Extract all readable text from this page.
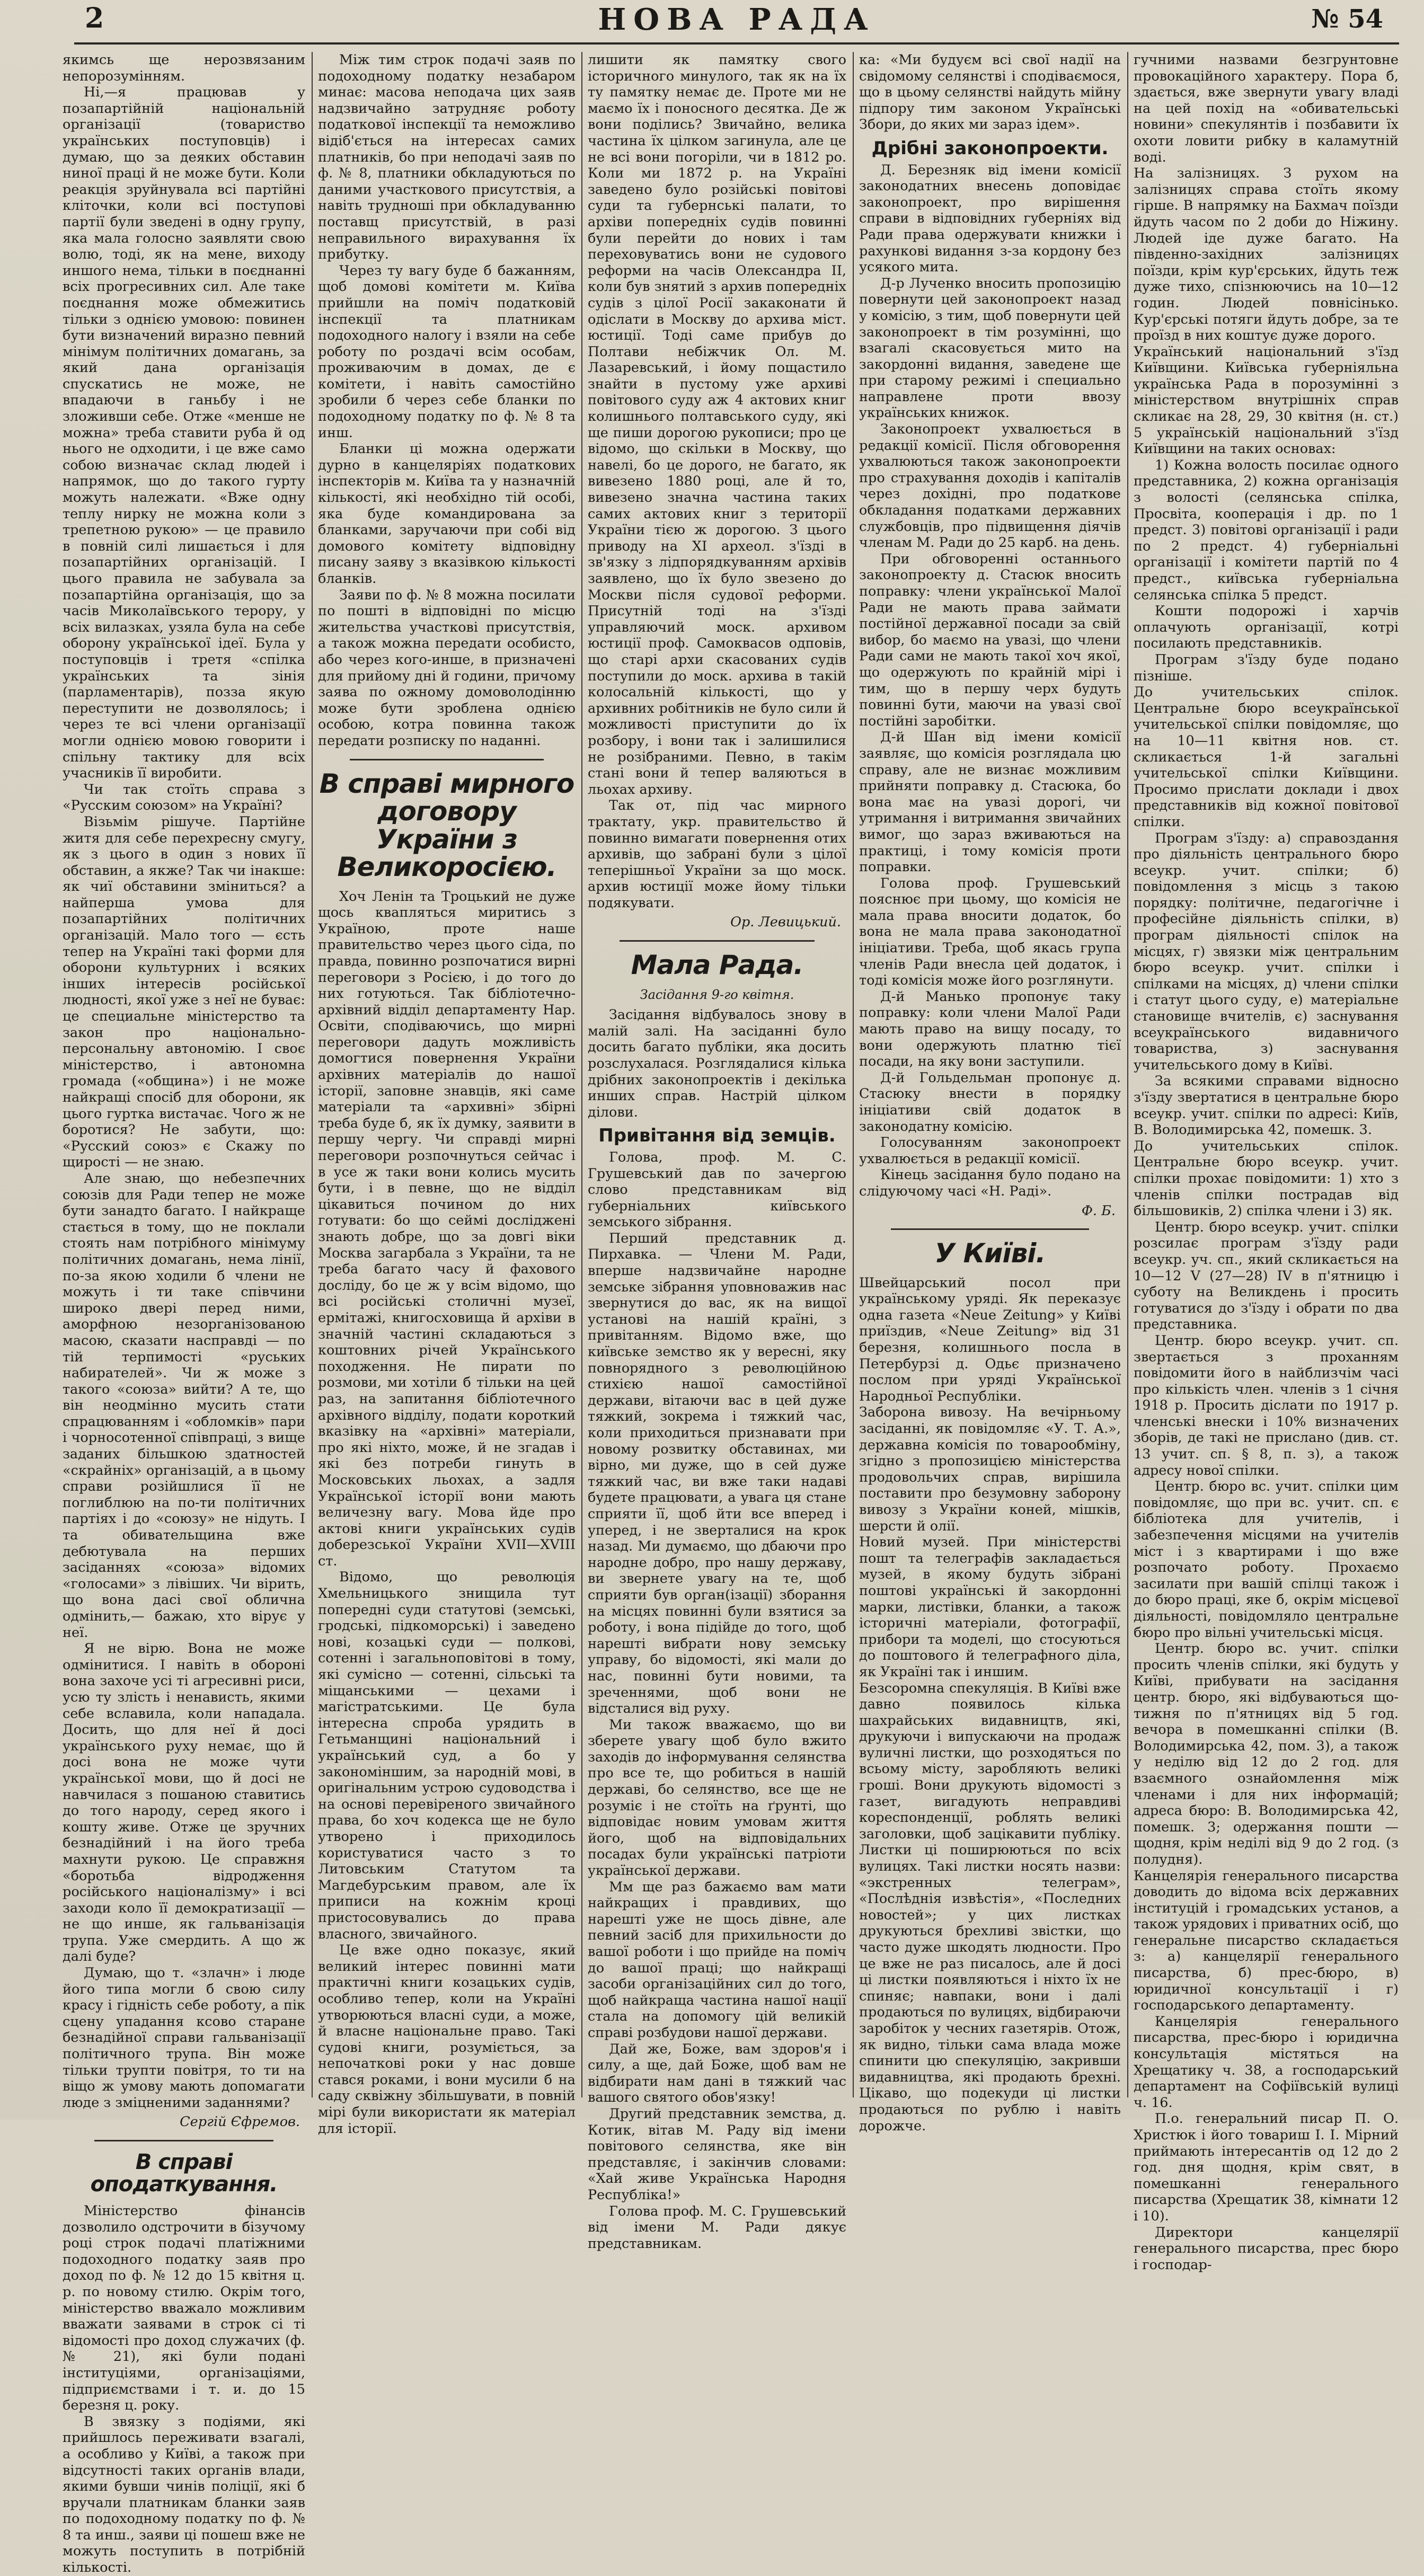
2	НОВА РАДА	№ 54

якимсь ще нерозвязаним непорозумінням.

Ні,—я працював у позапартійній національній організації (товариство українських поступовців) і думаю, що за деяких обставин ниної праці й не може бути. Коли реакція зруйнувала всі партійні кліточки, коли всі поступові партії були зведені в одну групу, яка мала голосно заявляти свою волю, тоді, як на мене, виходу иншого нема, тільки в поєднанні всіх прогресивних сил. Але таке поєднання може обмежитись тільки з однією умовою: повинен бути визначений виразно певний мінімум політичних домагань, за який дана організація спускатись не може, не впадаючи в ганьбу і не зложивши себе. Отже «менше не можна» треба ставити руба й од нього не одходити, і це вже само собою визначає склад людей і напрямок, що до такого гурту можуть належати. «Вже одну теплу нирку не можна коли з трепетною рукою» — це правило в повній силі лишається і для позапартійних організацій. І цього правила не забувала за позапартійна організація, що за часів Миколаївського терору, у всіх вилазках, узяла була на себе оборону української ідеї. Була у поступовців і третя «спілка українських та зінія (парламентарів), позза якую переступити не дозволялось; і через те всі члени організації могли однією мовою говорити і спільну тактику для всіх учасників її виробити.

Чи так стоїть справа з «Русским союзом» на Україні?

Візьмім рішуче. Партійне житя для себе перехресну смугу, як з цього в один з нових її обставин, а якже? Так чи інакше: як чиї обставини зміниться? а найперша умова для позапартійних політичних організацій. Мало того — єсть тепер на Україні такі форми для оборони культурних і всяких інших інтересів російської людності, якої уже з неї не буває: це специальне міністерство та закон про національно-персональну автономію. І своє міністерство, і автономна громада («община») і не може найкращі спосіб для оборони, як цього гуртка вистачає. Чого ж не боротися? Не забути, що: «Русский союз» є Скажу по щирості — не знаю.

Але знаю, що небезпечних союзів для Ради тепер не може бути занадто багато. І найкраще стається в тому, що не поклали стоять нам потрібного мінімуму політичних домагань, нема лінії, по-за якою ходили б члени не можуть і ти таке співчини широко двері перед ними, аморфною незорганізованою масою, сказати насправді — по тій терпимості «руських набирателей». Чи ж може з такого «союза» вийти? А те, що він неодмінно мусить стати спрацюванням і «обломків» пари і чорносотенної співпраці, з вище заданих більшкою здатностей «скрайніх» організацій, а в цьому справи розійшлися її не поглиблюю на по-ти політичних партіях і до «союзу» не нідуть. І та обивательщина вже дебютувала на перших засіданнях «союза» відомих «голосами» з лівіших. Чи вірить, що вона дасі свої облична одмінить,— бажаю, хто вірує у неї.

Я не вірю. Вона не може одмінитися. І навіть в обороні вона захоче усі ті агресивні риси, усю ту злість і ненависть, якими себе вславила, коли нападала. Досить, що для неї й досі українського руху немає, що й досі вона не може чути української мови, що й досі не навчилася з пошаною ставитись до того народу, серед якого і кошту живе. Отже це зручних безнадійний і на його треба махнути рукою. Це справжня «боротьба відродження російського націоналізму» і всі заходи коло її демократизації — не що инше, як гальванізація трупа. Уже смердить. А що ж далі буде?

Думаю, що т. «злачн» і люде його типа могли б свою силу красу і гідність себе роботу, а пік сцену упадання ксово старане безнадійної справи гальванізації політичного трупа. Він може тільки трупти повітря, то ти на віщо ж умову мають допомагати люде з зміцненими заданнями?

Сергій Єфремов.
В справі оподаткування.

Міністерство фінансів дозволило одстрочити в бізучому році строк подачі платіжними подоходного податку заяв про доход по ф. № 12 до 15 квітня ц. р. по новому стилю. Окрім того, міністерство вважало можливим вважати заявами в строк сі ті відомості про доход служачих (ф. № 21), які були подані інституціями, організаціями, підприємствами і т. и. до 15 березня ц. року.

В звязку з подіями, які прийшлось переживати взагалі, а особливо у Київі, а також при відсутності таких органів влади, якими бувши чинів поліції, які б вручали платникам бланки заяв по подоходному податку по ф. № 8 та инш., заяви ці пошеш вже не можуть поступить в потрібній кількості.

Між тим строк подачі заяв по подоходному податку незабаром минає: масова неподача цих заяв надзвичайно затрудняє роботу податкової інспекції та неможливо відіб'ється на інтересах самих платників, бо при неподачі заяв по ф. № 8, платники обкладуються по даними участкового присутствія, а навіть трудноші при обкладуванню поставщ присутствій, в разі неправильного вирахування їх прибутку.

Через ту вагу буде б бажанням, щоб домові комітети м. Київа прийшли на поміч податковій інспекції та платникам подоходного налогу і взяли на себе роботу по роздачі всім особам, проживаючим в домах, де є комітети, і навіть самостійно зробили б через себе бланки по подоходному податку по ф. № 8 та инш.

Бланки ці можна одержати дурно в канцеляріях податкових інспекторів м. Київа та у назначній кількості, які необхідно тій особі, яка буде командирована за бланками, заручаючи при собі від домового комітету відповідну писану заяву з вказівкою кількості бланків.

Заяви по ф. № 8 можна посилати по пошті в відповідні по місцю жительства участкові присутствія, а також можна передати особисто, або через кого-инше, в призначені для прийому дні й години, причому заява по ожному домоволодінню може бути зроблена однією особою, котра повинна також передати розписку по наданні.

В справі мирного договору України з Великоросією.

Хоч Ленін та Троцький не дуже щось квапляться миритись з Україною, проте наше правительство через цього сіда, по правда, повинно розпочатися вирні переговори з Росією, і до того до них готуються. Так бібліотечно-архівний відділ департаменту Нар. Освіти, сподіваючись, що мирні переговори дадуть можливість домогтися повернення України архівних матеріалів до нашої історії, заповне знавців, які саме матеріали та «архивні» збірні треба буде б, як їх думку, заявити в першу чергу. Чи справді мирні переговори розпочнуться сейчас і в усе ж таки вони колись мусить бути, і в певне, що не відділ цікавиться почином до них готувати: бо що сеймі досліджені знають добре, що за довгі віки Москва загарбала з України, та не треба багато часу й фахового досліду, бо це ж у всім відомо, що всі російські столичні музеї, ермітажі, книгосховища й архіви в значній частині складаються з коштовних річей Українського походження. Не пирати по розмови, ми хотіли б тільки на цей раз, на запитання бібліотечного архівного відділу, подати короткий вказівку на «архівні» матеріали, про які ніхто, може, й не згадав і які без потреби гинуть в Московських льохах, а задля Української історії вони мають величезну вагу. Мова йде про актові книги українських судів доберезської України XVII—XVIII ст.

Відомо, що революція Хмельницького знищила тут попередні суди статутові (земські, гродські, підкоморські) і заведено нові, козацькі суди — полкові, сотенні і загальноповітові в тому, які сумісно — сотенні, сільські та міщанськими — цехами і магістратськими. Це була інтересна спроба урядить в Гетьманщині національний і український суд, а бо у закономіншим, за народній мові, в оригінальним устрою судоводства і на основі перевіреного звичайного права, бо хоч кодекса ще не було утворено і приходилось користуватися часто з то Литовським Статутом та Магдебурським правом, але їх приписи на кожнім кроці пристосовувались до права власного, звичайного.

Це вже одно показує, який великий інтерес повинні мати практичні книги козацьких судів, особливо тепер, коли на Україні утворюються власні суди, а може, й власне національне право. Такі судові книги, розуміється, за непочаткові роки у нас довше стався роками, і вони мусили б на саду сквіжну збільшувати, в повній мірі були використати як матеріал для історії.

лишити як памятку свого історичного минулого, так як на їх ту памятку немає де. Проте ми не маємо їх і поносного десятка. Де ж вони поділись? Звичайно, велика частина їх цілком загинула, але це не всі вони погоріли, чи в 1812 ро. Коли ми 1872 р. на Україні заведено було розійські повітові суди та губернські палати, то архіви попередніх судів повинні були перейти до нових і там переховуватись вони не судового реформи на часів Олександра II, коли був знятий з архив попередніх судів з цілої Росії закаконати й одіслати в Москву до архива міст. юстиції. Тоді саме прибув до Полтави небіжчик Ол. М. Лазаревський, і йому пощастило знайти в пустому уже архиві повітового суду аж 4 актових книг колишнього полтавського суду, які ще пиши дорогою рукописи; про це відомо, що скільки в Москву, що навелі, бо це дорого, не багато, як вивезено 1880 році, але й то, вивезено значна частина таких самих актових книг з території України тією ж дорогою. З цього приводу на ХІ археол. з'їзді в зв'язку з лідпорядкуванням архівів заявлено, що їх було звезено до Москви після судової реформи. Присутній тоді на з'їзді управляючий моск. архивом юстиції проф. Самоквасов одповів, що старі архи скасованих судів поступили до моск. архива в такій колосальній кількості, що у архивних робітників не було сили й можливості приступити до їх розбору, і вони так і залишилися не розібраними. Певно, в такім стані вони й тепер валяються в льохах архиву.

Так от, під час мирного трактату, укр. правительство й повинно вимагати повернення отих архивів, що забрані були з цілої теперішньої України за що моск. архив юстиції може йому тільки подякувати.

Ор. Левицький.
Мала Рада.
Засідання 9-го квітня.

Засідання відбувалось знову в малій залі. На засіданні було досить багато публіки, яка досить розслухалася. Розглядалися кілька дрібних законопроектів і декілька инших справ. Настрій цілком ділови.

Привітання від земців.

Голова, проф. М. С. Грушевський дав по зачергою слово представникам від губерніальних київського земського зібрання.

Перший представник д. Пирхавка. — Члени М. Ради, вперше надзвичайне народне земське зібрання уповноважив нас звернутися до вас, як на вищої установі на нашій країні, з привітанням. Відомо вже, що київське земство як у вересні, яку повнорядного з революційною стихією нашої самостійної держави, вітаючи вас в цей дуже тяжкий, зокрема і тяжкий час, коли приходиться признавати при новому розвитку обставинах, ми вірно, ми дуже, що в сей дуже тяжкий час, ви вже таки надаві будете працювати, а увага ця стане сприяти її, щоб йти все вперед і уперед, і не зверталися на крок назад. Ми думаємо, що дбаючи про народне добро, про нашу державу, ви звернете увагу на те, щоб сприяти був орган(ізації) зборання на місцях повинні були взятися за роботу, і вона підійде до того, щоб нарешті вибрати нову земську управу, бо відомості, які мали до нас, повинні бути новими, та зреченнями, щоб вони не відсталися від руху.

Ми також вважаємо, що ви зберете увагу щоб було вжито заходів до інформування селянства про все те, що робиться в нашій державі, бо селянство, все ще не розуміє і не стоїть на ґрунті, що відповідає новим умовам життя його, щоб на відповідальних посадах були українські патріоти української держави.

Мм ще раз бажаємо вам мати найкращих і правдивих, що нарешті уже не щось дівне, але певний засіб для прихильности до вашої роботи і що прийде на поміч до вашої праці; що найкращі засоби організаційних сил до того, щоб найкраща частина нашої нації стала на допомогу цій великій справі розбудови нашої держави.

Дай же, Боже, вам здоров'я і силу, а ще, дай Боже, щоб вам не відбирати нам дані в тяжкий час вашого святого обов'язку!

Другий представник земства, д. Котик, вітав М. Раду від імени повітового селянства, яке він представляє, і закінчив словами: «Хай живе Українська Народня Республіка!»

Голова проф. М. С. Грушевський від імени М. Ради дякує представникам.

ка: «Ми будуєм всі свої надії на свідомому селянстві і сподіваємося, що в цьому селянстві найдуть мійну підпору тим законом Українські Збори, до яких ми зараз ідем».

Дрібні законопроекти.

Д. Березняк від імени комісії законодатних внесень доповідає законопроект, про вирішення справи в відповідних губерніях від Ради права одержувати книжки і рахункові видання з-за кордону без усякого мита.

Д-р Лученко вносить пропозицію повернути цей законопроект назад у комісію, з тим, щоб повернути цей законопроект в тім розумінні, що взагалі скасовується мито на закордонні видання, заведене ще при старому режимі і специально направлене проти ввозу українських книжок.

Законопроект ухвалюється в редакції комісії. Після обговорення ухвалюються також законопроекти про страхування доходів і капіталів через дохідні, про податкове обкладання податками державних службовців, про підвищення діячів членам М. Ради до 25 карб. на день.

При обговоренні останнього законопроекту д. Стасюк вносить поправку: члени української Малої Ради не мають права займати постійної державної посади за свій вибор, бо маємо на увазі, що члени Ради сами не мають такої хоч якої, що одержують по крайній мірі і тим, що в першу черх будуть повинні бути, маючи на увазі свої постійні заробітки.

Д-й Шан від імени комісії заявляє, що комісія розглядала цю справу, але не визнає можливим прийняти поправку д. Стасюка, бо вона має на увазі дорогі, чи утримання і витримання звичайних вимог, що зараз вживаються на практиці, і тому комісія проти поправки.

Голова проф. Грушевський пояснює при цьому, що комісія не мала права вносити додаток, бо вона не мала права законодатної ініціативи. Треба, щоб якась група членів Ради внесла цей додаток, і тоді комісія може його розглянути.

Д-й Манько пропонує таку поправку: коли члени Малої Ради мають право на вищу посаду, то вони одержують платню тієї посади, на яку вони заступили.

Д-й Гольдельман пропонує д. Стасюку внести в порядку ініціативи свій додаток в законодатну комісію.

Голосуванням законопроект ухвалюється в редакції комісії.

Кінець засідання було подано на слідуючому часі «Н. Раді».

Ф. Б.
У Київі.

Швейцарський посол при українському уряді. Як переказує одна газета «Neue Zeitung» у Київі приїздив, «Neue Zeitung» від 31 березня, колишнього посла в Петербурзі д. Одьє призначено послом при уряді Української Народньої Республіки.

Заборона вивозу. На вечірньому засіданні, як повідомляє «У. Т. А.», державна комісія по товарообміну, згідно з пропозицією міністерства продовольчих справ, вирішила поставити про безумовну заборону вивозу з України коней, мішків, шерсти й олії.

Новий музей. При міністерстві пошт та телеграфів закладається музей, в якому будуть зібрані поштові українські й закордонні марки, листівки, бланки, а також історичні матеріали, фотографії, прибори та моделі, що стосуються до поштового й телеграфного діла, як Україні так і иншим.

Безсоромна спекуляція. В Київі вже давно появилось кілька шахрайських видавництв, які, друкуючи і випускаючи на продаж вуличні листки, що розходяться по всьому місту, заробляють великі гроші. Вони друкують відомості з газет, вигадують неправдиві кореспонденції, роблять великі заголовки, щоб зацікавити публіку. Листки ці поширюються по всіх вулицях. Такі листки носять назви: «экстренных телеграм», «Послѣднія извѣстія», «Последних новостей»; у цих листках друкуються брехливі звістки, що часто дуже шкодять людности. Про це вже не раз писалось, але й досі ці листки появляються і ніхто їх не спиняє; навпаки, вони і далі продаються по вулицях, відбираючи заробіток у чесних газетярів. Отож, як видно, тільки сама влада може спинити цю спекуляцію, закривши видавництва, які продають брехні. Цікаво, що подекуди ці листки продаються по рублю і навіть дорожче.

гучними назвами безгрунтовне провокаційного характеру. Пора б, здається, вже звернути увагу владі на цей похід на «обивательські новини» спекулянтів і позбавити їх охоти ловити рибку в каламутній воді.

На залізницях. З рухом на залізницях справа стоїть якому гірше. В напрямку на Бахмач поїзди йдуть часом по 2 доби до Ніжину. Людей іде дуже багато. На південно-західних залізницях поїзди, крім кур'єрських, йдуть теж дуже тихо, спізнюючись на 10—12 годин. Людей повнісінько. Кур'єрські потяги йдуть добре, за те проїзд в них коштує дуже дорого.

Український національний з'їзд Київщини. Київська губерніяльна українська Рада в порозумінні з міністерством внутрішніх справ скликає на 28, 29, 30 квітня (н. ст.) 5 українській національний з'їзд Київщини на таких основах:

1) Кожна волость посилає одного представника, 2) кожна організація з волості (селянська спілка, Просвіта, кооперація і др. по 1 предст. 3) повітові організації і ради по 2 предст. 4) губерніальні організації і комітети партій по 4 предст., київська губерніальна селянська спілка 5 предст.

Кошти подорожі і харчів оплачують організації, котрі посилають представників.

Програм з'їзду буде подано пізніше.

До учительських спілок. Центральне бюро всеукраїнської учительської спілки повідомляє, що на 10—11 квітня нов. ст. скликається 1-й загальні учительської спілки Київщини. Просимо прислати доклади і двох представників від кожної повітової спілки.

Програм з'їзду: а) справоздання про діяльність центрального бюро всеукр. учит. спілки; б) повідомлення з місць з такою порядку: політичне, педагогічне і професійне діяльність спілки, в) програм діяльності спілок на місцях, г) звязки між центральним бюро всеукр. учит. спілки і спілками на місцях, д) члени спілки і статут цього суду, е) матеріальне становище вчителів, є) заснування всеукраїнського видавничого товариства, з) заснування учительського дому в Київі.

За всякими справами відносно з'їзду звертатися в центральне бюро всеукр. учит. спілки по адресі: Київ, В. Володимирська 42, помешк. 3.

До учительських спілок. Центральне бюро всеукр. учит. спілки прохає повідомити: 1) хто з членів спілки пострадав від більшовиків, 2) спілка члени і 3) як.

Центр. бюро всеукр. учит. спілки розсилає програм з'їзду ради всеукр. уч. сп., який скликається на 10—12 V (27—28) IV в п'ятницю і суботу на Великдень і просить готуватися до з'їзду і обрати по два представника.

Центр. бюро всеукр. учит. сп. звертається з проханням повідомити його в найблизчім часі про кількість член. членів з 1 січня 1918 р. Просить діслати по 1917 р. членські внески і 10% визначених зборів, де такі не прислано (див. ст. 13 учит. сп. § 8, п. з), а також адресу нової спілки.

Центр. бюро вс. учит. спілки цим повідомляє, що при вс. учит. сп. є бібліотека для учителів, і забезпечення місцями на учителів міст і з квартирами і що вже розпочато роботу. Прохаємо засилати при вашій спілці також і до бюро праці, яке б, окрім місцевої діяльності, повідомляло центральне бюро про вільні учительські місця.

Центр. бюро вс. учит. спілки просить членів спілки, які будуть у Київі, прибувати на засідання центр. бюро, які відбуваються що-тижня по п'ятницях від 5 год. вечора в помешканні спілки (В. Володимирська 42, пом. 3), а також у неділю від 12 до 2 год. для взаємного ознайомлення між членами і для них інформацій; адреса бюро: В. Володимирська 42, помешк. 3; одержання пошти — щодня, крім неділі від 9 до 2 год. (з полудня).

Канцелярія генерального писарства доводить до відома всіх державних інституцій і громадських установ, а також урядових і приватних осіб, що генеральне писарство складається з: а) канцелярії генерального писарства, б) прес-бюро, в) юридичної консультації і г) господарського департаменту.

Канцелярія генерального писарства, прес-бюро і юридична консультація містяться на Хрещатику ч. 38, а господарський департамент на Софіївській вулиці ч. 16.

П.о. генеральний писар П. О. Христюк і його товариш І. І. Мірний приймають інтересантів од 12 до 2 год. дня щодня, крім свят, в помешканні генерального писарства (Хрещатик 38, кімнати 12 і 10).

Директори канцелярії генерального писарства, прес бюро і господар-
